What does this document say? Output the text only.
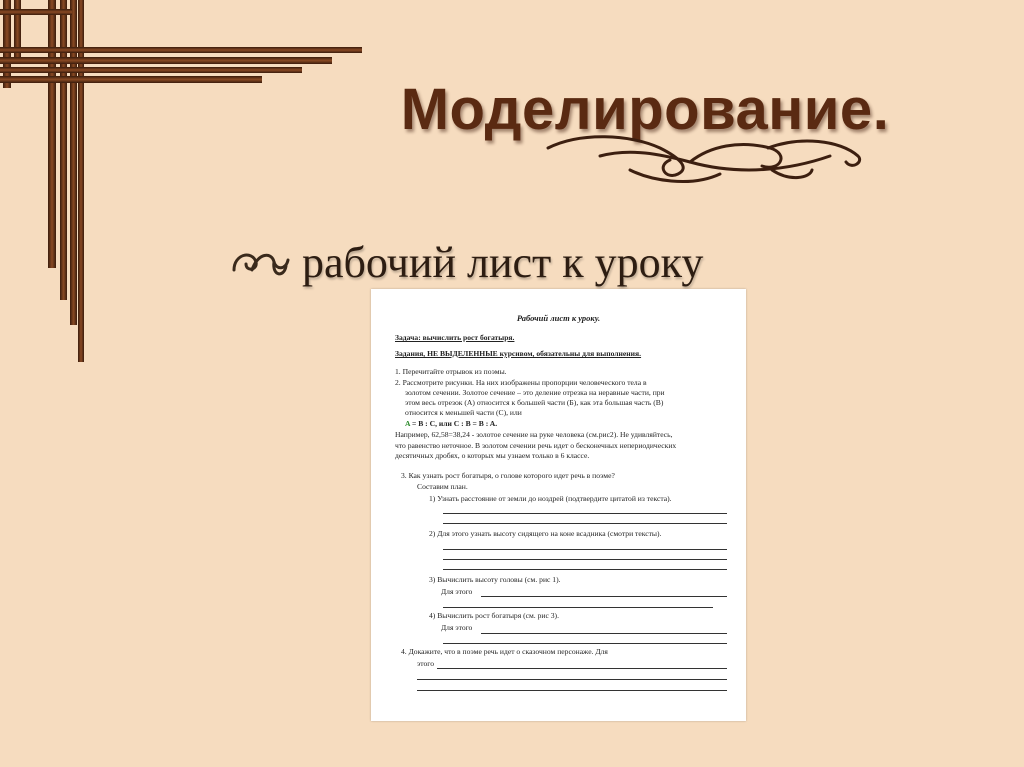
Моделирование.
рабочий лист к уроку
Рабочий лист к уроку.
Задача: вычислить рост богатыря.
Задания, НЕ ВЫДЕЛЕННЫЕ курсивом, обязательны для выполнения.
1. Перечитайте отрывок из поэмы.
2. Рассмотрите рисунки. На них изображены пропорции человеческого тела в
золотом сечении. Золотое сечение – это деление отрезка на неравные части, при
этом весь отрезок (А) относится к большей части (Б), как эта большая часть (В)
относится к меньшей части (С), или
A = B : C, или С : B = B : A.
Например, 62,58=38,24 - золотое сечение на руке человека (см.рис2). Не удивляйтесь,
что равенство неточное. В золотом сечении речь идет о бесконечных непериодических
десятичных дробях, о которых мы узнаем только в 6 классе.
3. Как узнать рост богатыря, о голове которого идет речь в поэме?
Составим план.
1) Узнать расстояние от земли до ноздрей (подтвердите цитатой из текста).
2) Для этого узнать высоту сидящего на коне всадника (смотри тексты).
3) Вычислить высоту головы (см. рис 1).
Для этого
4) Вычислить рост богатыря (см. рис 3).
Для этого
4. Докажите, что в поэме речь идет о сказочном персонаже. Для
этого
